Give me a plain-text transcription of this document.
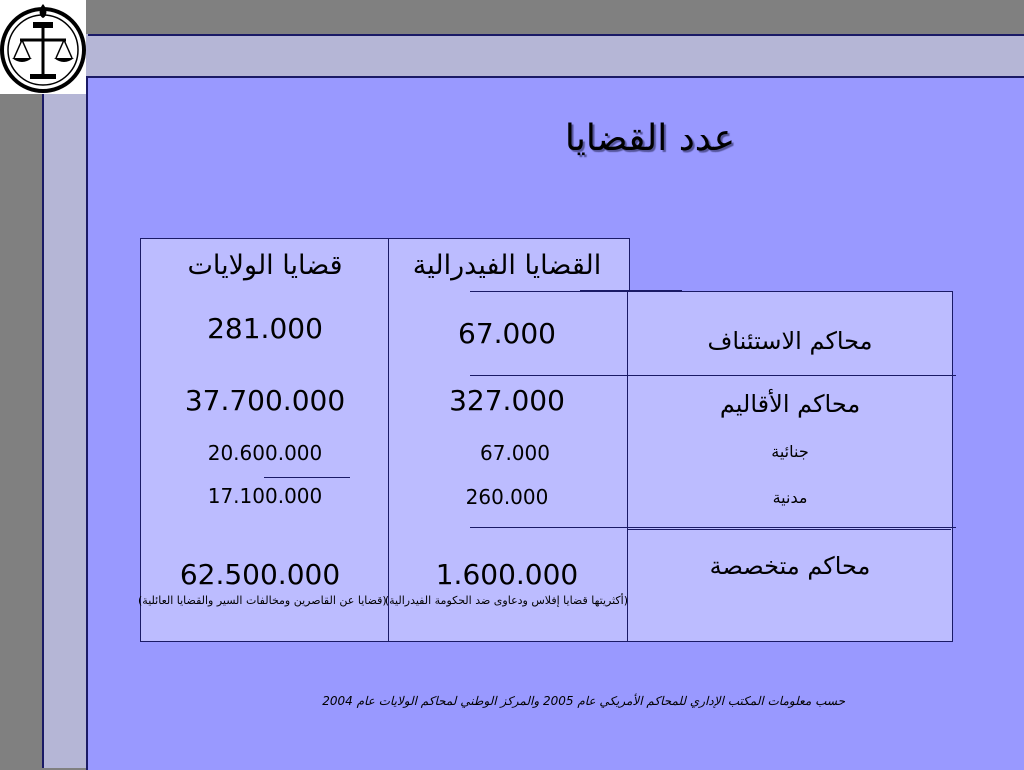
عدد القضايا
قضايا الولايات	القضايا الفيدرالية
محاكم الاستئناف
محاكم الأقاليم
جنائية
مدنية
محاكم متخصصة
281.000
37.700.000
20.600.000
17.100.000
62.500.000
67.000
327.000
67.000
260.000
1.600.000
(قضايا عن القاصرين ومخالفات السير والقضايا العائلية)
(أكثريتها قضايا إفلاس ودعاوى ضد الحكومة الفيدرالية)
حسب معلومات المكتب الإداري للمحاكم الأمريكي عام 2005 والمركز الوطني لمحاكم الولايات عام 2004
